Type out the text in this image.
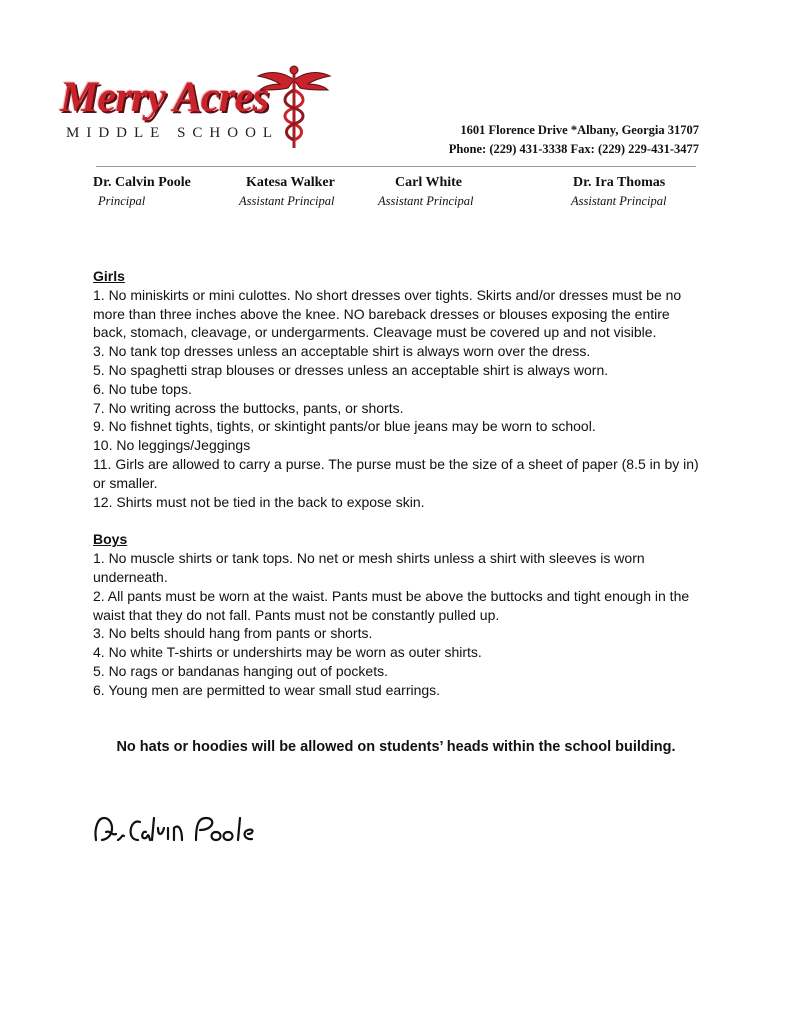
Merry Acres
MIDDLE SCHOOL	1601 Florence Drive *Albany, Georgia 31707
Phone: (229) 431-3338 Fax: (229) 229-431-3477
Dr. Calvin Poole
Principal
Katesa Walker
Assistant Principal
Carl White
Assistant Principal
Dr. Ira Thomas
Assistant Principal

Girls

1. No miniskirts or mini culottes. No short dresses over tights. Skirts and/or dresses must be no more than three inches above the knee. NO bareback dresses or blouses exposing the entire back, stomach, cleavage, or undergarments. Cleavage must be covered up and not visible.

3. No tank top dresses unless an acceptable shirt is always worn over the dress.

5. No spaghetti strap blouses or dresses unless an acceptable shirt is always worn.

6. No tube tops.

7. No writing across the buttocks, pants, or shorts.

9. No fishnet tights, tights, or skintight pants/or blue jeans may be worn to school.

10. No leggings/Jeggings

11. Girls are allowed to carry a purse. The purse must be the size of a sheet of paper (8.5 in by in) or smaller.

12. Shirts must not be tied in the back to expose skin.

Boys

1. No muscle shirts or tank tops. No net or mesh shirts unless a shirt with sleeves is worn underneath.

2. All pants must be worn at the waist. Pants must be above the buttocks and tight enough in the waist that they do not fall. Pants must not be constantly pulled up.

3. No belts should hang from pants or shorts.

4. No white T-shirts or undershirts may be worn as outer shirts.

5. No rags or bandanas hanging out of pockets.

6. Young men are permitted to wear small stud earrings.

No hats or hoodies will be allowed on students’ heads within the school building.
